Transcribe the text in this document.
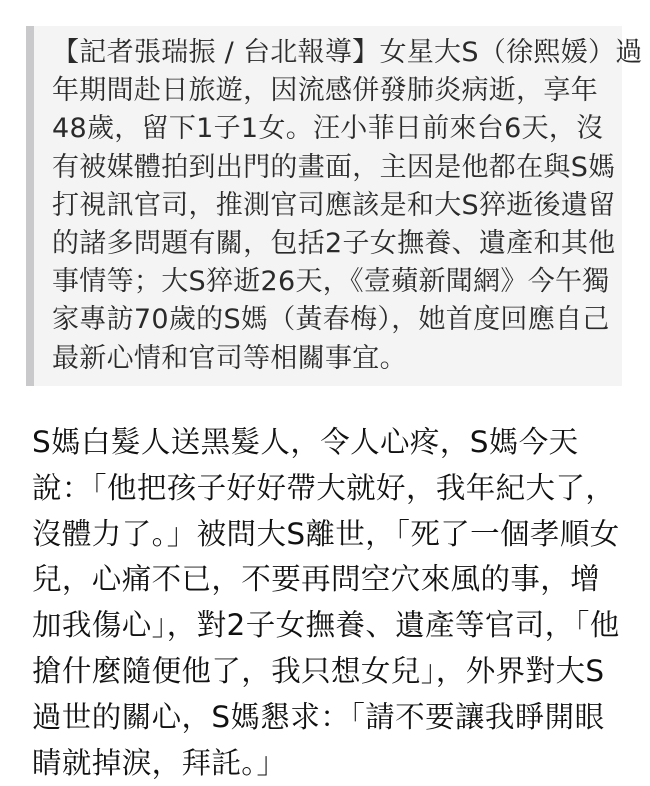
【記者張瑞振 / 台北報導】女星大S（徐熙媛）過
年期間赴日旅遊，因流感併發肺炎病逝，享年
48歲，留下1子1女。汪小菲日前來台6天，沒
有被媒體拍到出門的畫面，主因是他都在與S媽
打視訊官司，推測官司應該是和大S猝逝後遺留
的諸多問題有關，包括2子女撫養、遺產和其他
事情等；大S猝逝26天，《壹蘋新聞網》今午獨
家專訪70歲的S媽（黃春梅），她首度回應自己
最新心情和官司等相關事宜。
S媽白髮人送黑髮人，令人心疼，S媽今天
說：「他把孩子好好帶大就好，我年紀大了，
沒體力了。」被問大S離世，「死了一個孝順女
兒，心痛不已，不要再問空穴來風的事，增
加我傷心」，對2子女撫養、遺產等官司，「他
搶什麼隨便他了，我只想女兒」，外界對大S
過世的關心，S媽懇求：「請不要讓我睜開眼
睛就掉淚，拜託。」
